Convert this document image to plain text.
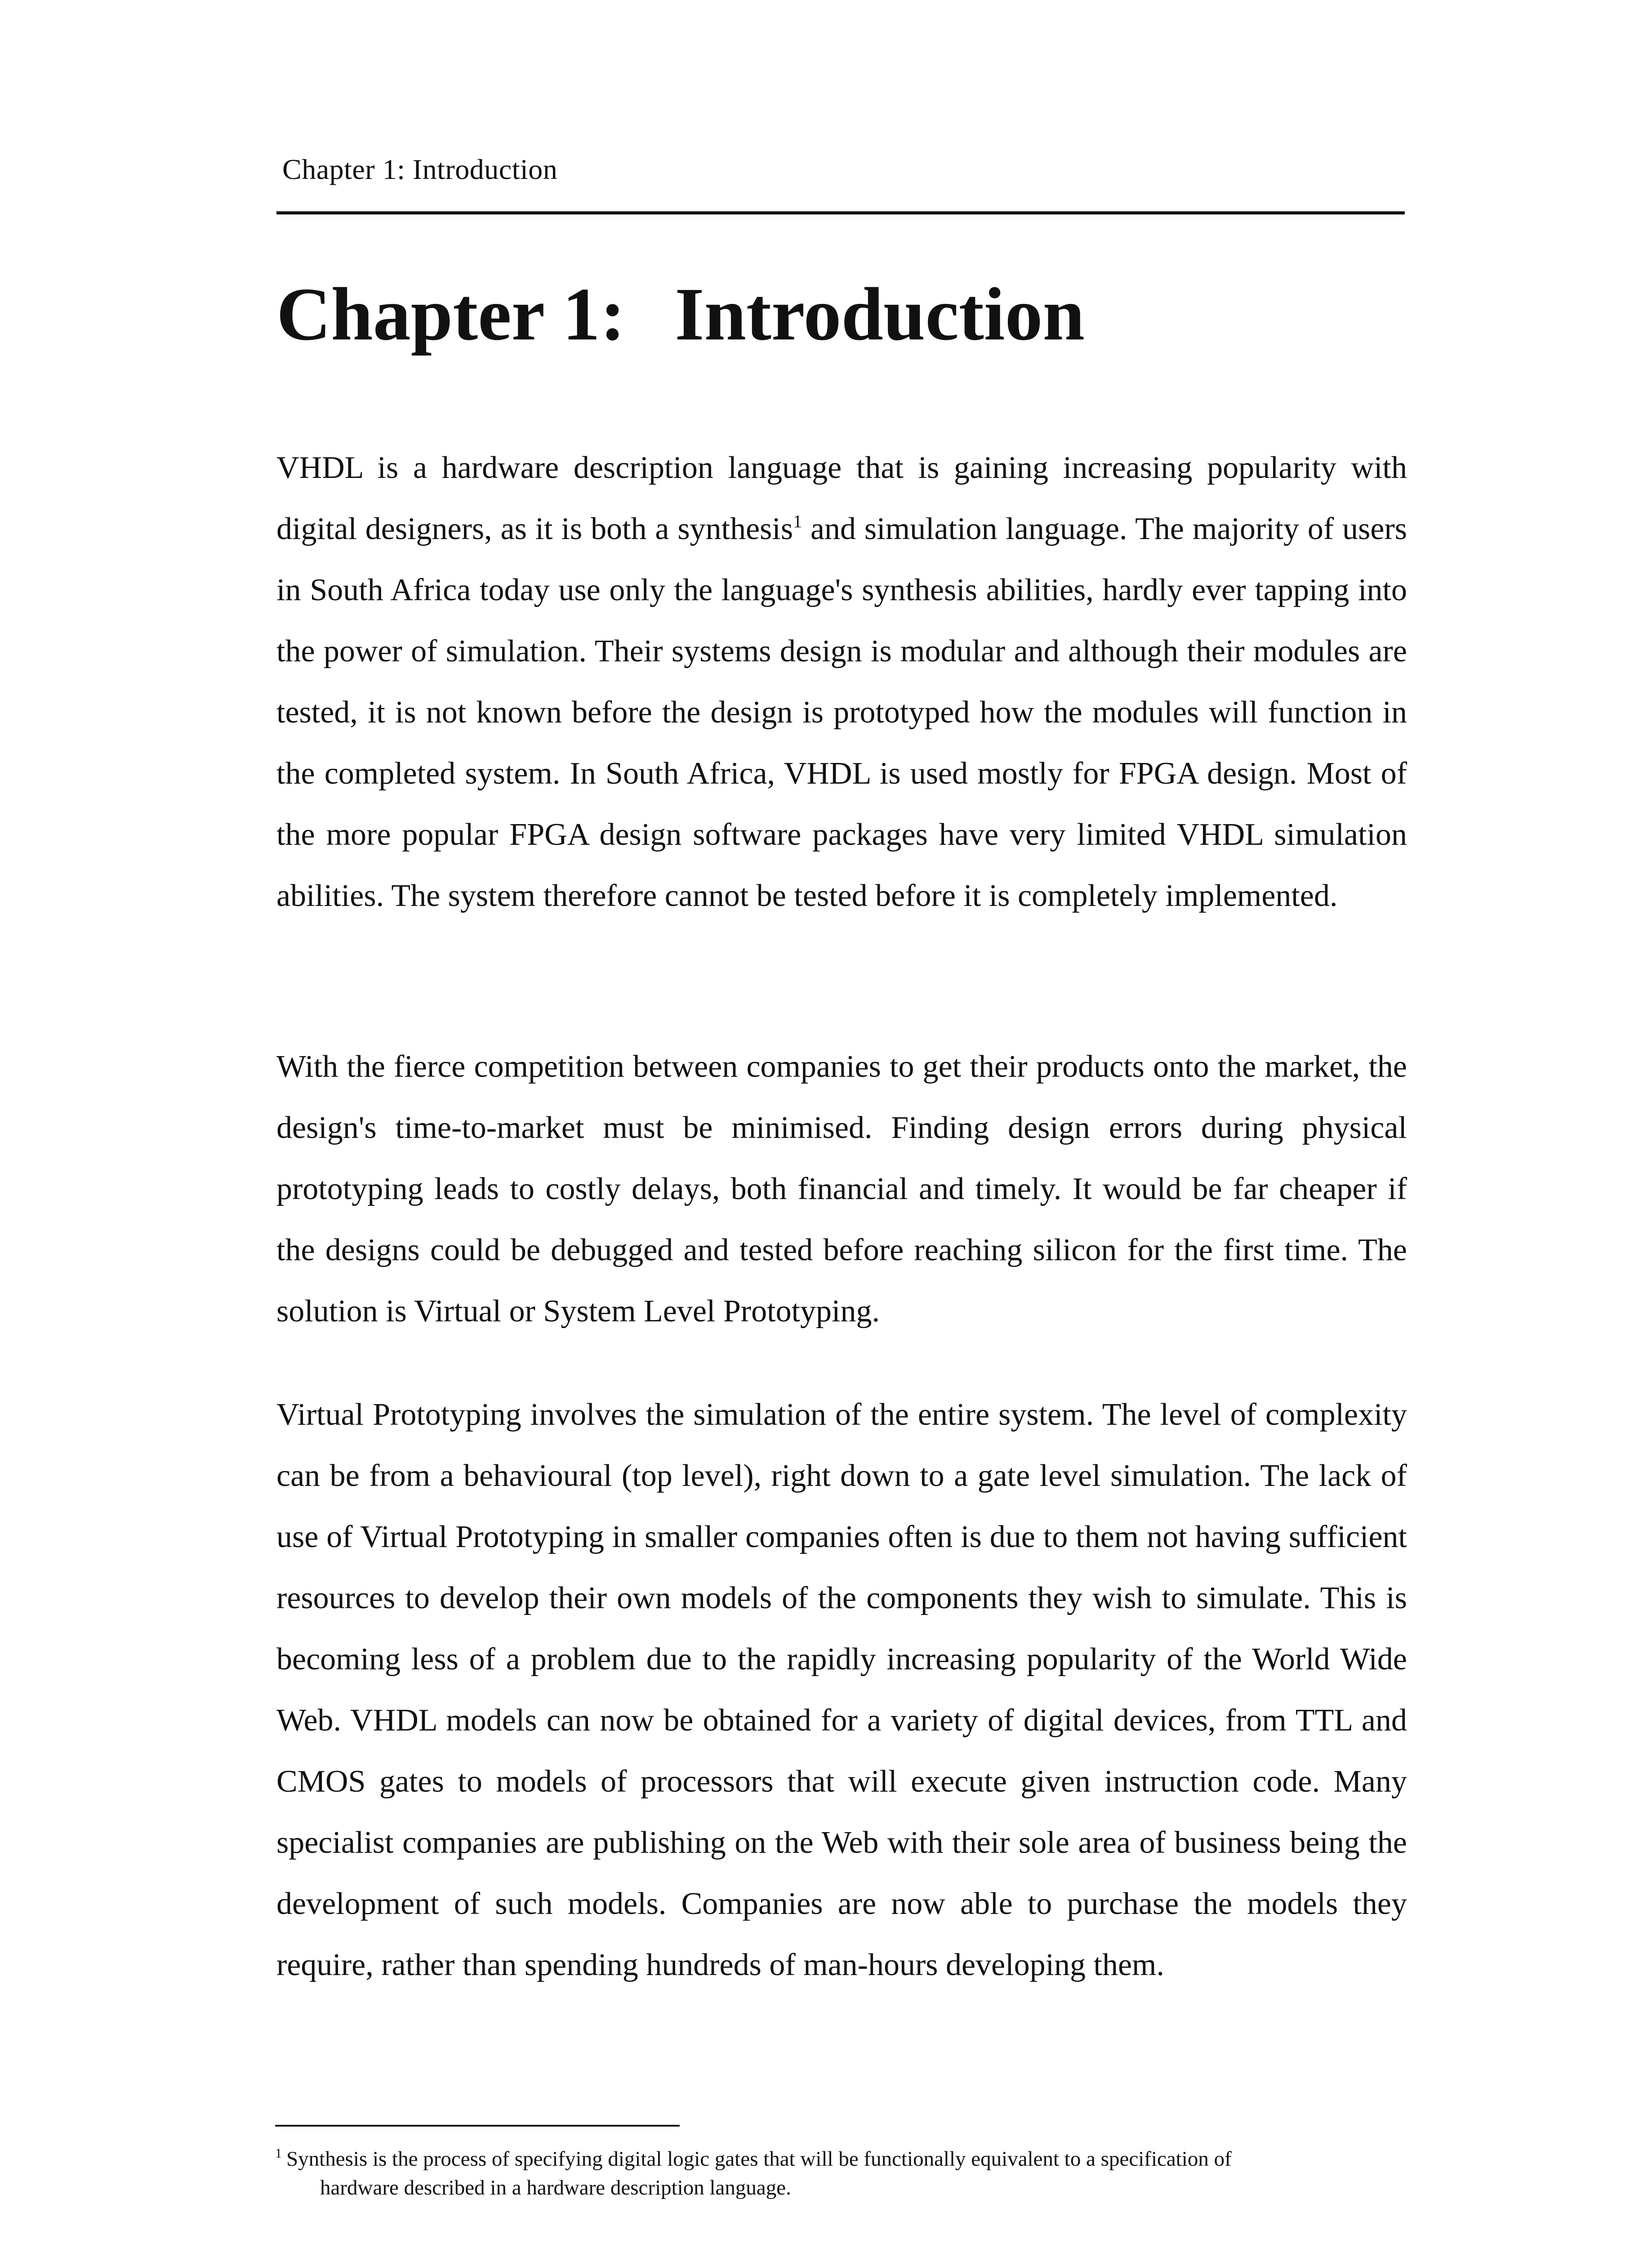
Chapter 1: Introduction
Chapter 1: Introduction

VHDL is a hardware description language that is gaining increasing popularity with digital designers, as it is both a synthesis$^1$ and simulation language. The majority of users in South Africa today use only the language's synthesis abilities, hardly ever tapping into the power of simulation. Their systems design is modular and although their modules are tested, it is not known before the design is prototyped how the modules will function in the completed system. In South Africa, VHDL is used mostly for FPGA design. Most of the more popular FPGA design software packages have very limited VHDL simulation abilities. The system therefore cannot be tested before it is completely implemented.

With the fierce competition between companies to get their products onto the market, the design's time-to-market must be minimised. Finding design errors during physical prototyping leads to costly delays, both financial and timely. It would be far cheaper if the designs could be debugged and tested before reaching silicon for the first time. The solution is Virtual or System Level Prototyping.

Virtual Prototyping involves the simulation of the entire system. The level of complexity can be from a behavioural (top level), right down to a gate level simulation. The lack of use of Virtual Prototyping in smaller companies often is due to them not having sufficient resources to develop their own models of the components they wish to simulate. This is becoming less of a problem due to the rapidly increasing popularity of the World Wide Web. VHDL models can now be obtained for a variety of digital devices, from TTL and CMOS gates to models of processors that will execute given instruction code. Many specialist companies are publishing on the Web with their sole area of business being the development of such models. Companies are now able to purchase the models they require, rather than spending hundreds of man-hours developing them.

$^1$ Synthesis is the process of specifying digital logic gates that will be functionally equivalent to a specification of
hardware described in a hardware description language.
